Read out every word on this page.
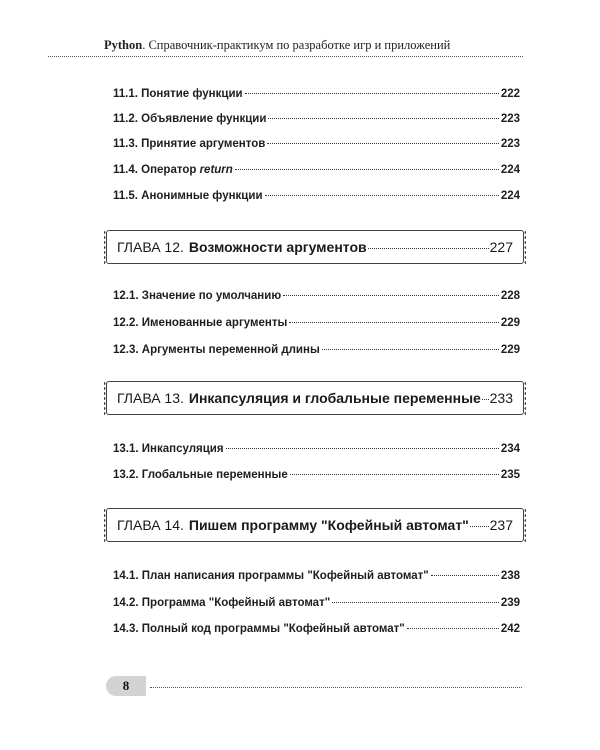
Python. Справочник-практикум по разработке игр и приложений
11.1. Понятие функции	222
11.2. Объявление функции	223
11.3. Принятие аргументов	223
11.4. Оператор return	224
11.5. Анонимные функции	224
ГЛАВА 12. Возможности аргументов	227
12.1. Значение по умолчанию	228
12.2. Именованные аргументы	229
12.3. Аргументы переменной длины	229
ГЛАВА 13. Инкапсуляция и глобальные переменные 233
13.1. Инкапсуляция	234
13.2. Глобальные переменные	235
ГЛАВА 14. Пишем программу "Кофейный автомат" 237
14.1. План написания программы "Кофейный автомат"	238
14.2. Программа "Кофейный автомат"	239
14.3. Полный код программы "Кофейный автомат"	242
8
